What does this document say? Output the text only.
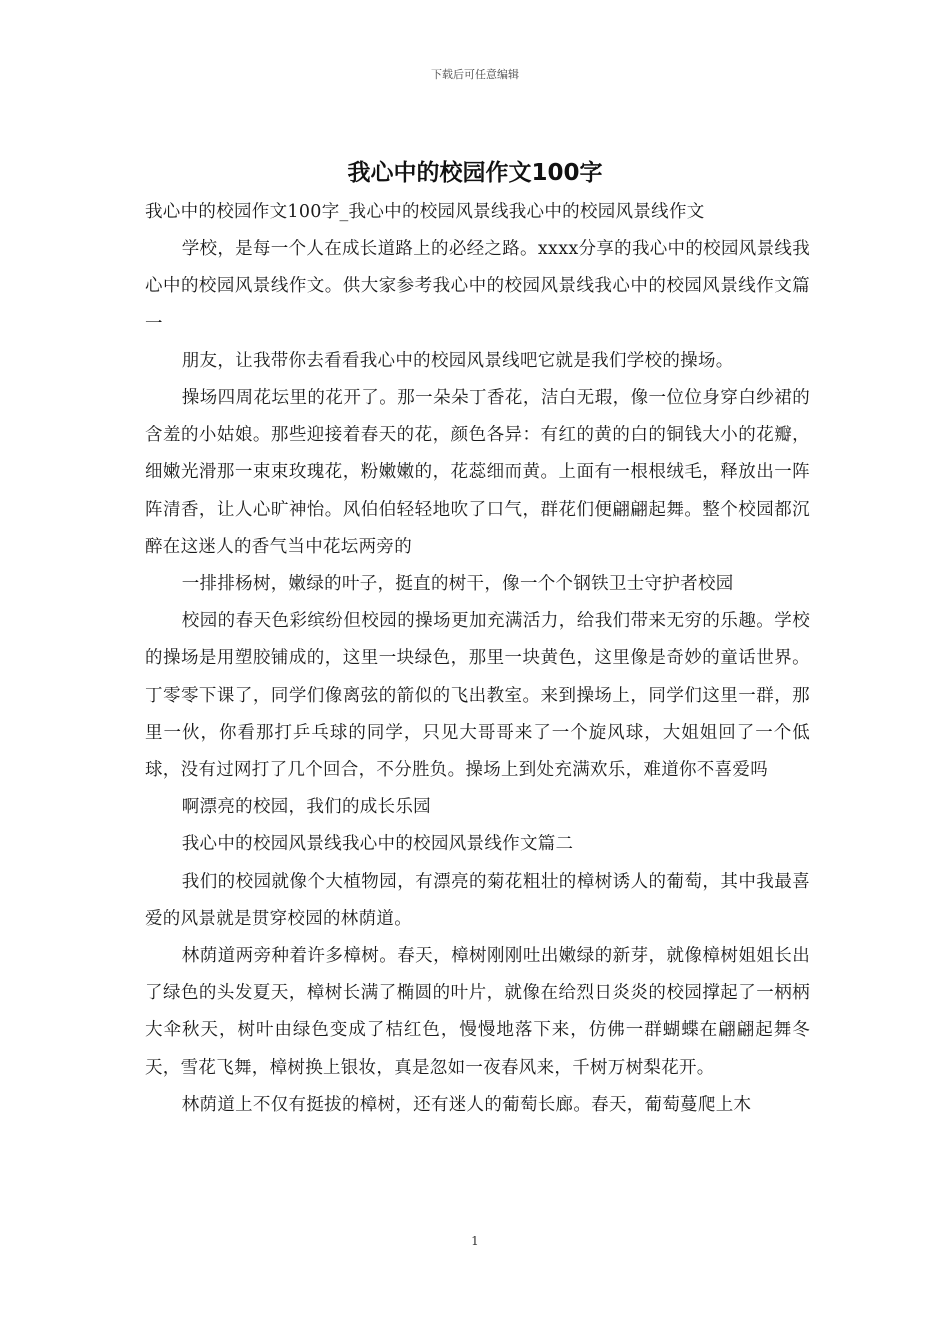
下载后可任意编辑
我心中的校园作文100字

我心中的校园作文100字_我心中的校园风景线我心中的校园风景线作文

学校，是每一个人在成长道路上的必经之路。xxxx分享的我心中的校园风景线我心中的校园风景线作文。供大家参考我心中的校园风景线我心中的校园风景线作文篇一

朋友，让我带你去看看我心中的校园风景线吧它就是我们学校的操场。

操场四周花坛里的花开了。那一朵朵丁香花，洁白无瑕，像一位位身穿白纱裙的含羞的小姑娘。那些迎接着春天的花，颜色各异：有红的黄的白的铜钱大小的花瓣，细嫩光滑那一束束玫瑰花，粉嫩嫩的，花蕊细而黄。上面有一根根绒毛，释放出一阵阵清香，让人心旷神怡。风伯伯轻轻地吹了口气，群花们便翩翩起舞。整个校园都沉醉在这迷人的香气当中花坛两旁的

一排排杨树，嫩绿的叶子，挺直的树干，像一个个钢铁卫士守护者校园

校园的春天色彩缤纷但校园的操场更加充满活力，给我们带来无穷的乐趣。学校的操场是用塑胶铺成的，这里一块绿色，那里一块黄色，这里像是奇妙的童话世界。丁零零下课了，同学们像离弦的箭似的飞出教室。来到操场上，同学们这里一群，那里一伙，你看那打乒乓球的同学，只见大哥哥来了一个旋风球，大姐姐回了一个低球，没有过网打了几个回合，不分胜负。操场上到处充满欢乐，难道你不喜爱吗

啊漂亮的校园，我们的成长乐园

我心中的校园风景线我心中的校园风景线作文篇二

我们的校园就像个大植物园，有漂亮的菊花粗壮的樟树诱人的葡萄，其中我最喜爱的风景就是贯穿校园的林荫道。

林荫道两旁种着许多樟树。春天，樟树刚刚吐出嫩绿的新芽，就像樟树姐姐长出了绿色的头发夏天，樟树长满了椭圆的叶片，就像在给烈日炎炎的校园撑起了一柄柄大伞秋天，树叶由绿色变成了桔红色，慢慢地落下来，仿佛一群蝴蝶在翩翩起舞冬天，雪花飞舞，樟树换上银妆，真是忽如一夜春风来，千树万树梨花开。

林荫道上不仅有挺拔的樟树，还有迷人的葡萄长廊。春天，葡萄蔓爬上木

1
